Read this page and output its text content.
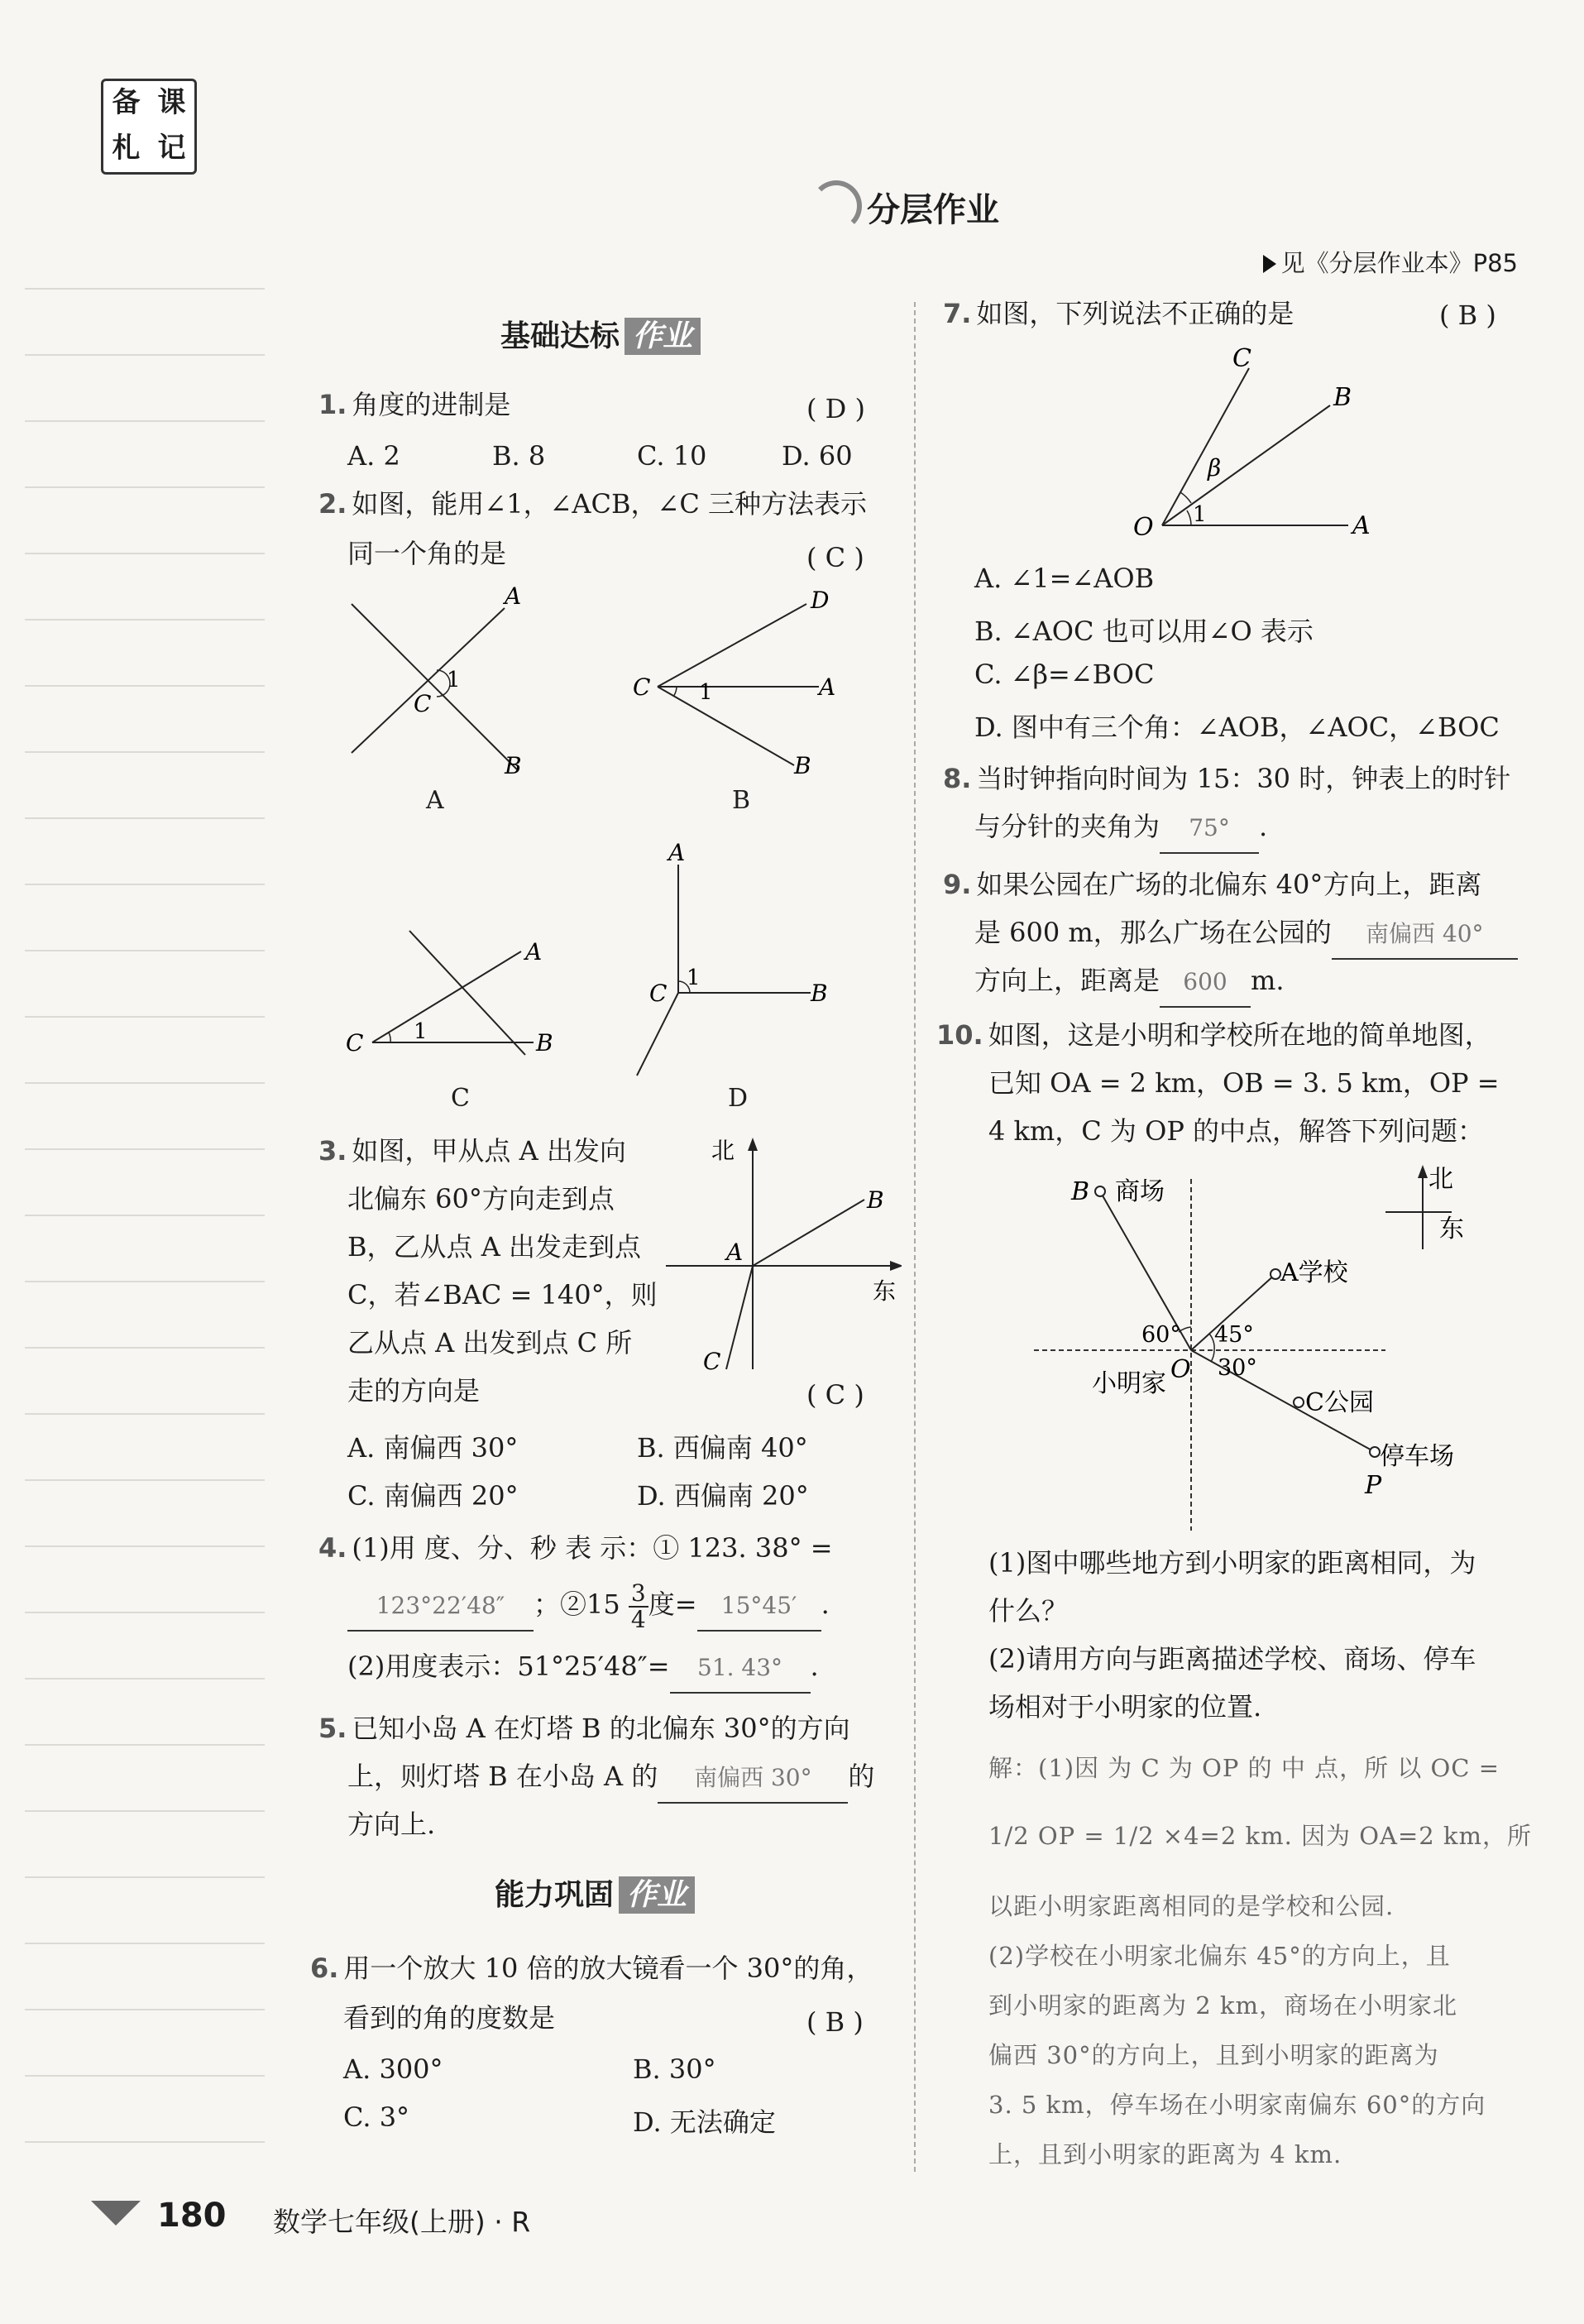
备 课
札 记
分层作业
见《分层作业本》P85
基础达标 作业
1. 角度的进制是	( D )
A. 2	B. 8	C. 10	D. 60
2. 如图，能用∠1，∠ACB，∠C 三种方法表示
同一个角的是	( C )
A
B
C
1
D
A
B
C 1
A
B
C 1
A
B
C
1
A	B
C	D
3. 如图，甲从点 A 出发向
北偏东 60°方向走到点
B，乙从点 A 出发走到点
C，若∠BAC = 140°，则
乙从点 A 出发到点 C 所
走的方向是	( C )
北
东
B
A
C
A. 南偏西 30°	B. 西偏南 40°
C. 南偏西 20°	D. 西偏南 20°
4. (1)用 度、分、秒 表 示：① 123. 38° =
123°22′48″ ；②15 $\frac{3}{4}$ 度= 15°45′ .
(2)用度表示：51°25′48″= 51. 43° .
5. 已知小岛 A 在灯塔 B 的北偏东 30°的方向
上，则灯塔 B 在小岛 A 的 南偏西 30° 的
方向上.
能力巩固 作业
6. 用一个放大 10 倍的放大镜看一个 30°的角，
看到的角的度数是	( B )
A. 300°	B. 30°
C. 3°	D. 无法确定
7. 如图，下列说法不正确的是	( B )
C
B
A
O 1
β
A. ∠1=∠AOB
B. ∠AOC 也可以用∠O 表示
C. ∠β=∠BOC
D. 图中有三个角：∠AOB，∠AOC，∠BOC
8. 当时钟指向时间为 15：30 时，钟表上的时针
与分针的夹角为 75° .
9. 如果公园在广场的北偏东 40°方向上，距离
是 600 m，那么广场在公园的 南偏西 40°
方向上，距离是 600 m.
10. 如图，这是小明和学校所在地的简单地图，
已知 OA = 2 km，OB = 3. 5 km，OP =
4 km，C 为 OP 的中点，解答下列问题：
B 商场
A学校
O
小明家
60° 45°
30°
C公园
停车场
P
北
东
(1)图中哪些地方到小明家的距离相同，为
什么？
(2)请用方向与距离描述学校、商场、停车
场相对于小明家的位置.
解：(1)因 为 C 为 OP 的 中 点，所 以 OC =
1/2 OP = 1/2 ×4=2 km. 因为 OA=2 km，所
以距小明家距离相同的是学校和公园.
(2)学校在小明家北偏东 45°的方向上，且
到小明家的距离为 2 km，商场在小明家北
偏西 30°的方向上，且到小明家的距离为
3. 5 km，停车场在小明家南偏东 60°的方向
上，且到小明家的距离为 4 km.
180 数学七年级(上册) · R
